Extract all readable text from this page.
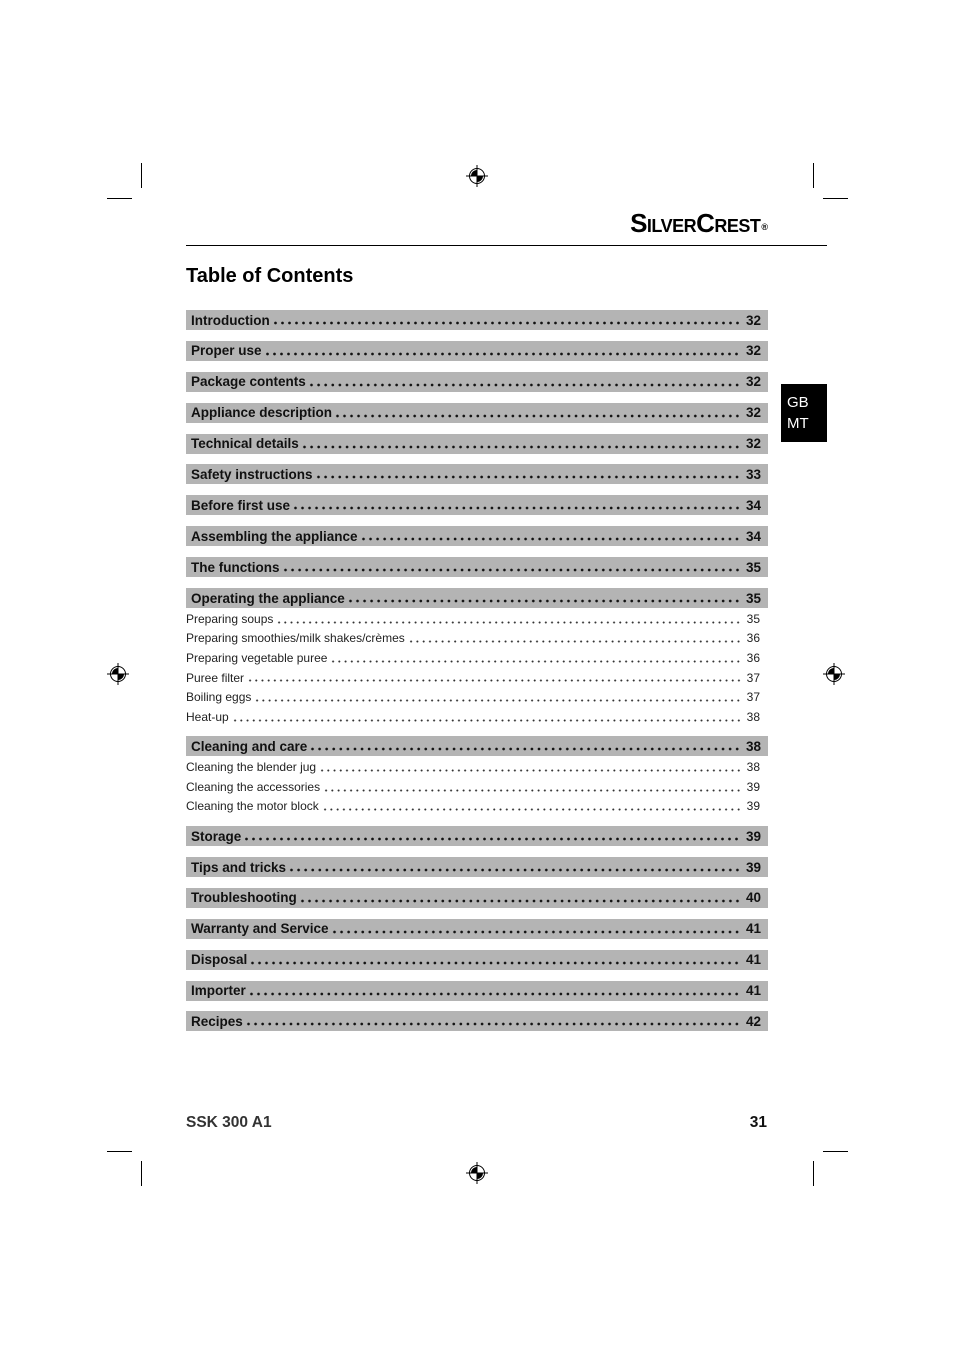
SilverCrest®
Table of Contents
GB
MT
Introduction	32
Proper use	32
Package contents	32
Appliance description	32
Technical details	32
Safety instructions	33
Before first use	34
Assembling the appliance	34
The functions	35
Operating the appliance	35
Preparing soups	35
Preparing smoothies/milk shakes/crèmes	36
Preparing vegetable puree	36
Puree filter	37
Boiling eggs	37
Heat-up	38
Cleaning and care	38
Cleaning the blender jug	38
Cleaning the accessories	39
Cleaning the motor block	39
Storage	39
Tips and tricks	39
Troubleshooting	40
Warranty and Service	41
Disposal	41
Importer	41
Recipes	42
SSK 300 A1	31
